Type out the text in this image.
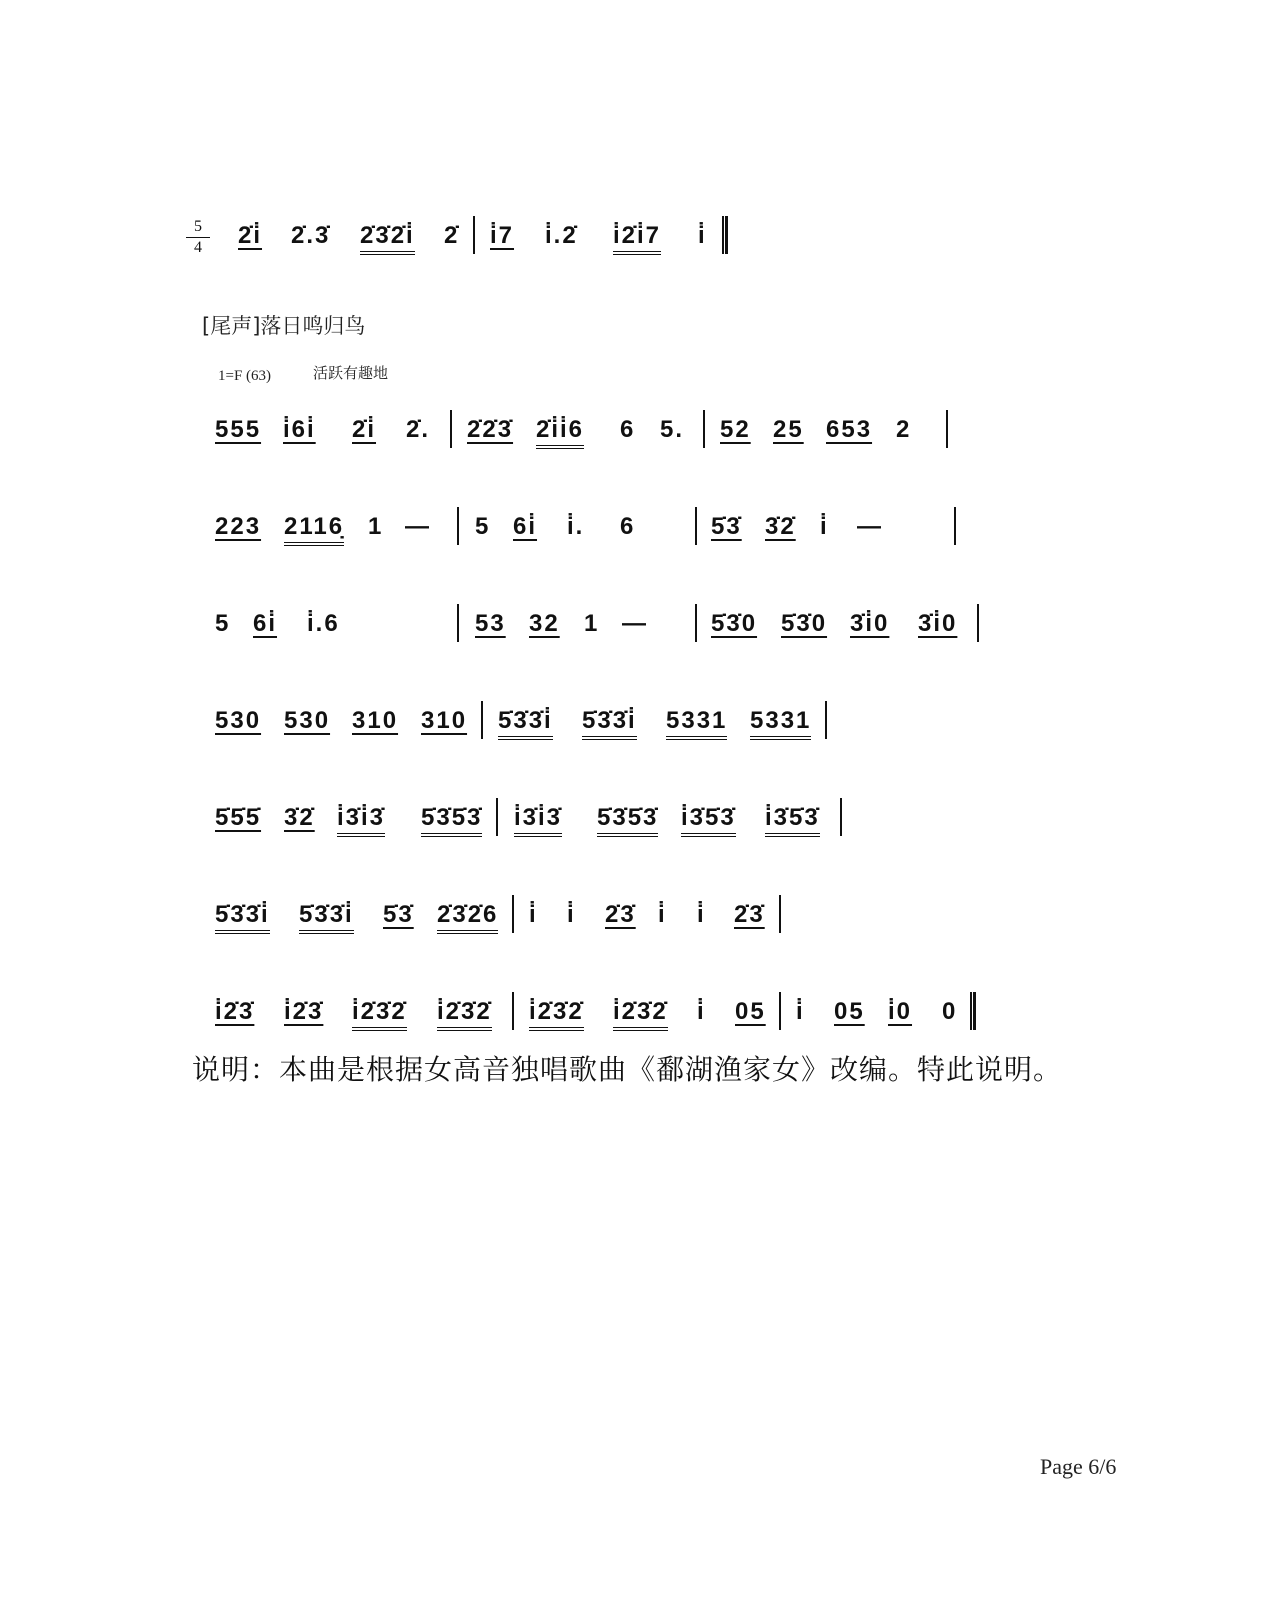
5
4	2̇i̇ 2̇.3̇ 2̇3̇2̇i̇ 2̇ i̇7 i̇.2̇ i̇2̇i̇7 i̇
[尾声]落日鸣归鸟
1=F (63)	活跃有趣地
555 i̇6i̇ 2̇i̇ 2̇. 2̇2̇3̇ 2̇i̇i̇6 6 5. 52 25 653 2
223 2116̣ 1 — 5 6i̇ i̇. 6	5̇3̇ 3̇2̇ i̇ —
5 6i̇ i̇.6	53 32 1 —	5̇3̇0 5̇3̇0 3̇i̇0 3̇i̇0
530 530 310 310 5̇3̇3̇i̇ 5̇3̇3̇i̇ 5331 5331
5̇5̇5̇ 3̇2̇ i̇3̇i̇3̇ 5̇3̇5̇3̇ i̇3̇i̇3̇ 5̇3̇5̇3̇ i̇3̇5̇3̇ i̇3̇5̇3̇
5̇3̇3̇i̇ 5̇3̇3̇i̇ 5̇3̇ 2̇3̇2̇6 i̇ i̇ 2̇3̇ i̇ i̇ 2̇3̇
i̇2̇3̇ i̇2̇3̇ i̇2̇3̇2̇ i̇2̇3̇2̇ i̇2̇3̇2̇ i̇2̇3̇2̇ i̇ 05 i̇ 05 i̇0 0
说明：本曲是根据女高音独唱歌曲《鄱湖渔家女》改编。特此说明。
Page 6/6
